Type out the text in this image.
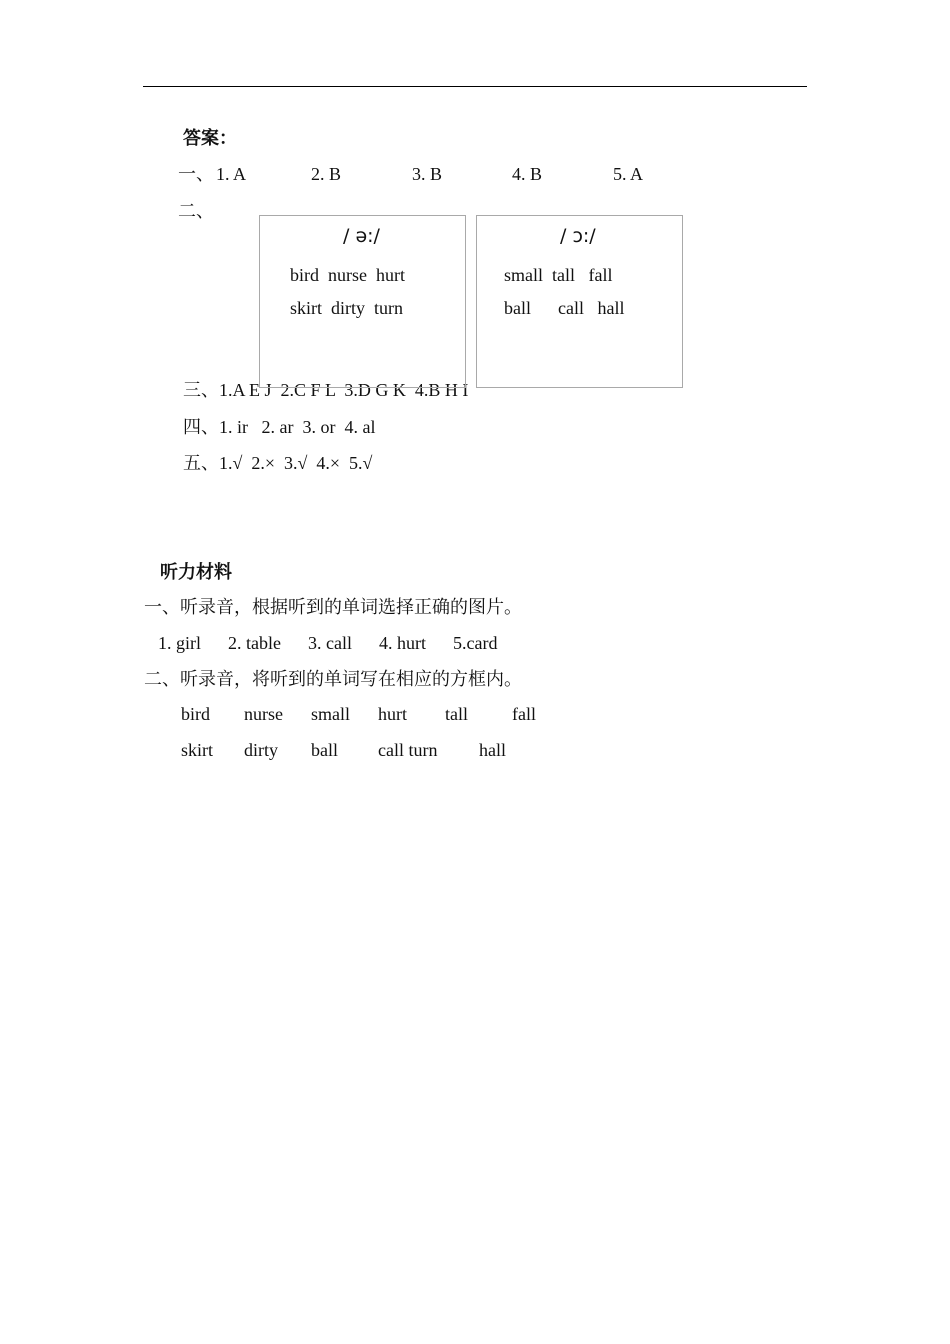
答案：
一、 1. A	2. B	3. B	4. B	5. A
二、
三、1.A E J  2.C F L  3.D G K  4.B H I
四、1. ir   2. ar  3. or  4. al
五、1.√  2.×  3.√  4.×  5.√
/ ə:/
bird  nurse  hurt
skirt  dirty  turn
/ ɔ:/
small  tall   fall
ball      call   hall
听力材料
一、听录音，根据听到的单词选择正确的图片。
1. girl 2. table 3. call 4. hurt 5.card
二、听录音，将听到的单词写在相应的方框内。
bird nurse small hurt tall fall
skirt dirty ball call turn hall
